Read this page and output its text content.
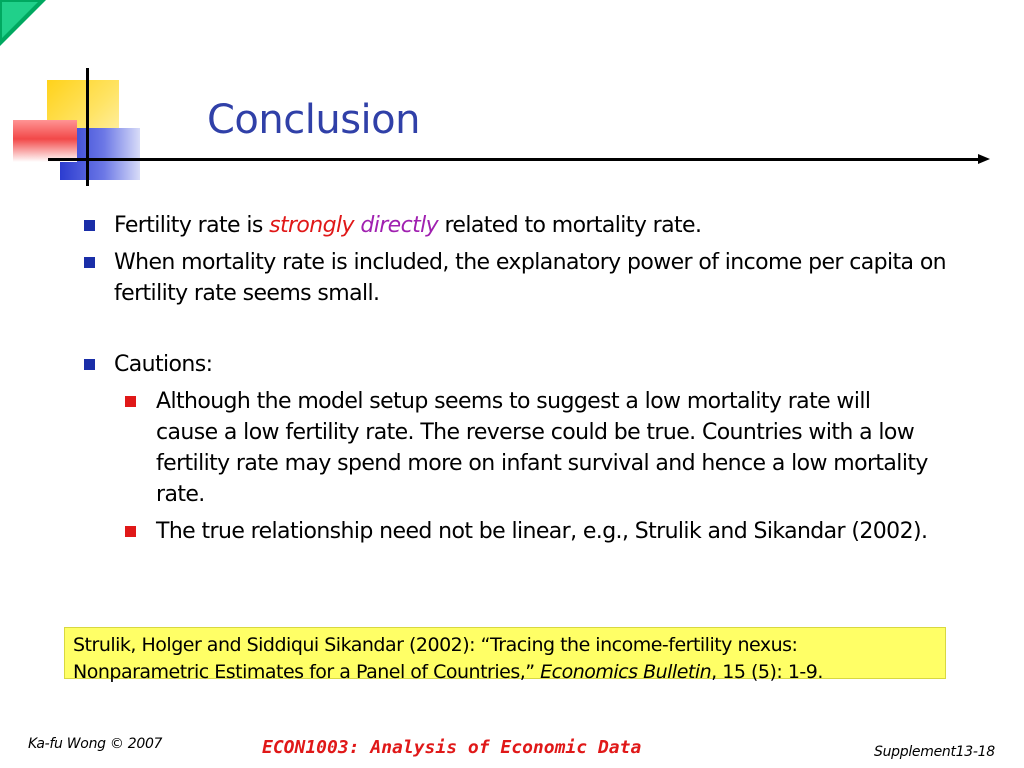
Conclusion
Fertility rate is strongly directly related to mortality rate.
When mortality rate is included, the explanatory power of income per capita on fertility rate seems small.
Cautions:
Although the model setup seems to suggest a low mortality rate will cause a low fertility rate. The reverse could be true. Countries with a low fertility rate may spend more on infant survival and hence a low mortality rate.
The true relationship need not be linear, e.g., Strulik and Sikandar (2002).
Strulik, Holger and Siddiqui Sikandar (2002): “Tracing the income-fertility nexus: Nonparametric Estimates for a Panel of Countries,” Economics Bulletin, 15 (5): 1-9.
Ka-fu Wong © 2007	ECON1003: Analysis of Economic Data	Supplement13-18
